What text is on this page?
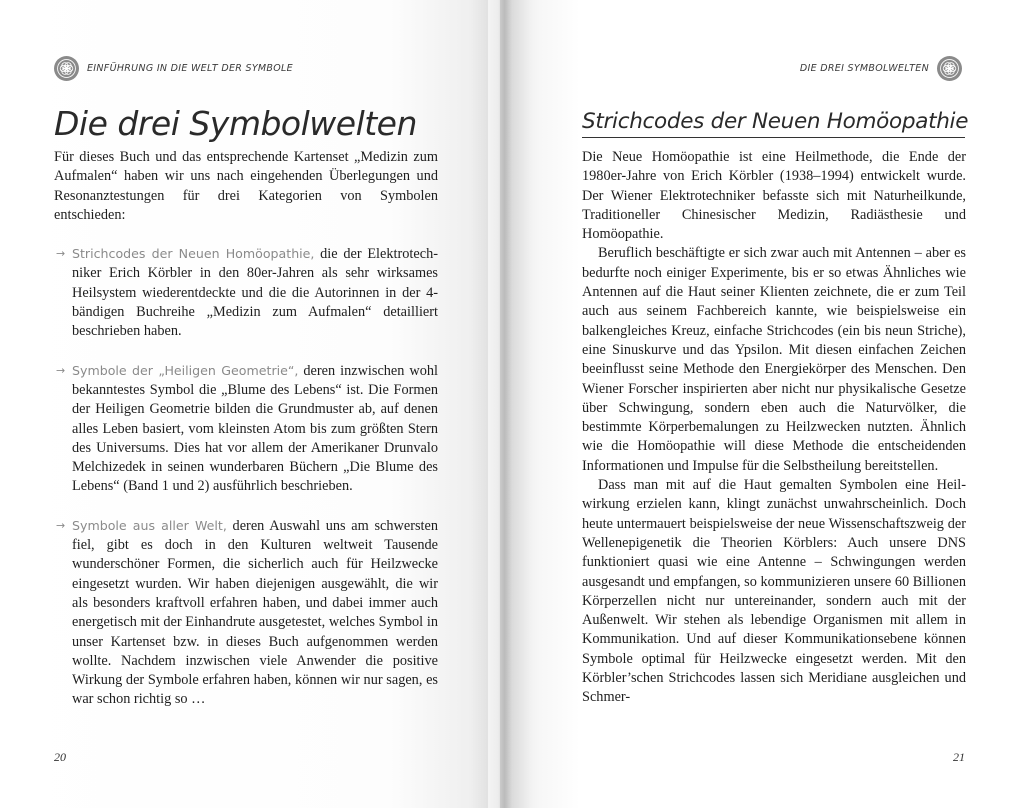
EINFÜHRUNG IN DIE WELT DER SYMBOLE
Die drei Symbolwelten

Für dieses Buch und das entsprechende Kartenset „Medizin zum Aufmalen“ haben wir uns nach eingehenden Überlegungen und Resonanztestungen für drei Kategorien von Symbolen entschieden:

→ Strichcodes der Neuen Homöopathie, die der Elektrotechniker Erich Körbler in den 80er-Jahren als sehr wirksames Heilsystem wiederentdeckte und die die Autorinnen in der 4-bändigen Buchreihe „Medizin zum Aufmalen“ detailliert beschrieben haben.

→ Symbole der „Heiligen Geometrie“, deren inzwischen wohl bekanntestes Symbol die „Blume des Lebens“ ist. Die Formen der Heiligen Geometrie bilden die Grundmuster ab, auf denen alles Leben basiert, vom kleinsten Atom bis zum größten Stern des Universums. Dies hat vor allem der Amerikaner Drunvalo Melchizedek in seinen wunderbaren Büchern „Die Blume des Lebens“ (Band 1 und 2) ausführlich beschrieben.

→ Symbole aus aller Welt, deren Auswahl uns am schwersten fiel, gibt es doch in den Kulturen weltweit Tausende wunderschöner Formen, die sicherlich auch für Heilzwecke eingesetzt wurden. Wir haben diejenigen ausgewählt, die wir als besonders kraftvoll erfahren haben, und dabei immer auch energetisch mit der Einhandrute ausgetestet, welches Symbol in unser Kartenset bzw. in dieses Buch aufgenommen werden wollte. Nachdem inzwischen viele Anwender die positive Wirkung der Symbole erfahren haben, können wir nur sagen, es war schon richtig so …

20
DIE DREI SYMBOLWELTEN
Strichcodes der Neuen Homöopathie

Die Neue Homöopathie ist eine Heilmethode, die Ende der 1980er-Jahre von Erich Körbler (1938–1994) entwickelt wurde. Der Wiener Elektrotechniker befasste sich mit Naturheilkunde, Traditioneller Chinesischer Medizin, Radiästhesie und Homöopathie.

Beruflich beschäftigte er sich zwar auch mit Antennen – aber es bedurfte noch einiger Experimente, bis er so etwas Ähnliches wie Antennen auf die Haut seiner Klienten zeichnete, die er zum Teil auch aus seinem Fachbereich kannte, wie beispielsweise ein balkengleiches Kreuz, einfache Strichcodes (ein bis neun Striche), eine Sinuskurve und das Ypsilon. Mit diesen einfachen Zeichen beeinflusst seine Methode den Energiekörper des Menschen. Den Wiener Forscher inspirierten aber nicht nur physikalische Gesetze über Schwingung, sondern eben auch die Naturvölker, die bestimmte Körperbemalungen zu Heilzwecken nutzten. Ähnlich wie die Homöopathie will diese Methode die entscheidenden Informationen und Impulse für die Selbstheilung bereitstellen.

Dass man mit auf die Haut gemalten Symbolen eine Heilwirkung erzielen kann, klingt zunächst unwahrscheinlich. Doch heute untermauert beispielsweise der neue Wissenschaftszweig der Wellenepigenetik die Theorien Körblers: Auch unsere DNS funktioniert quasi wie eine Antenne – Schwingungen werden ausgesandt und empfangen, so kommunizieren unsere 60 Billionen Körperzellen nicht nur untereinander, sondern auch mit der Außenwelt. Wir stehen als lebendige Organismen mit allem in Kommunikation. Und auf dieser Kommunikationsebene können Symbole optimal für Heilzwecke eingesetzt werden. Mit den Körbler’schen Strichcodes lassen sich Meridiane ausgleichen und Schmer-

21
